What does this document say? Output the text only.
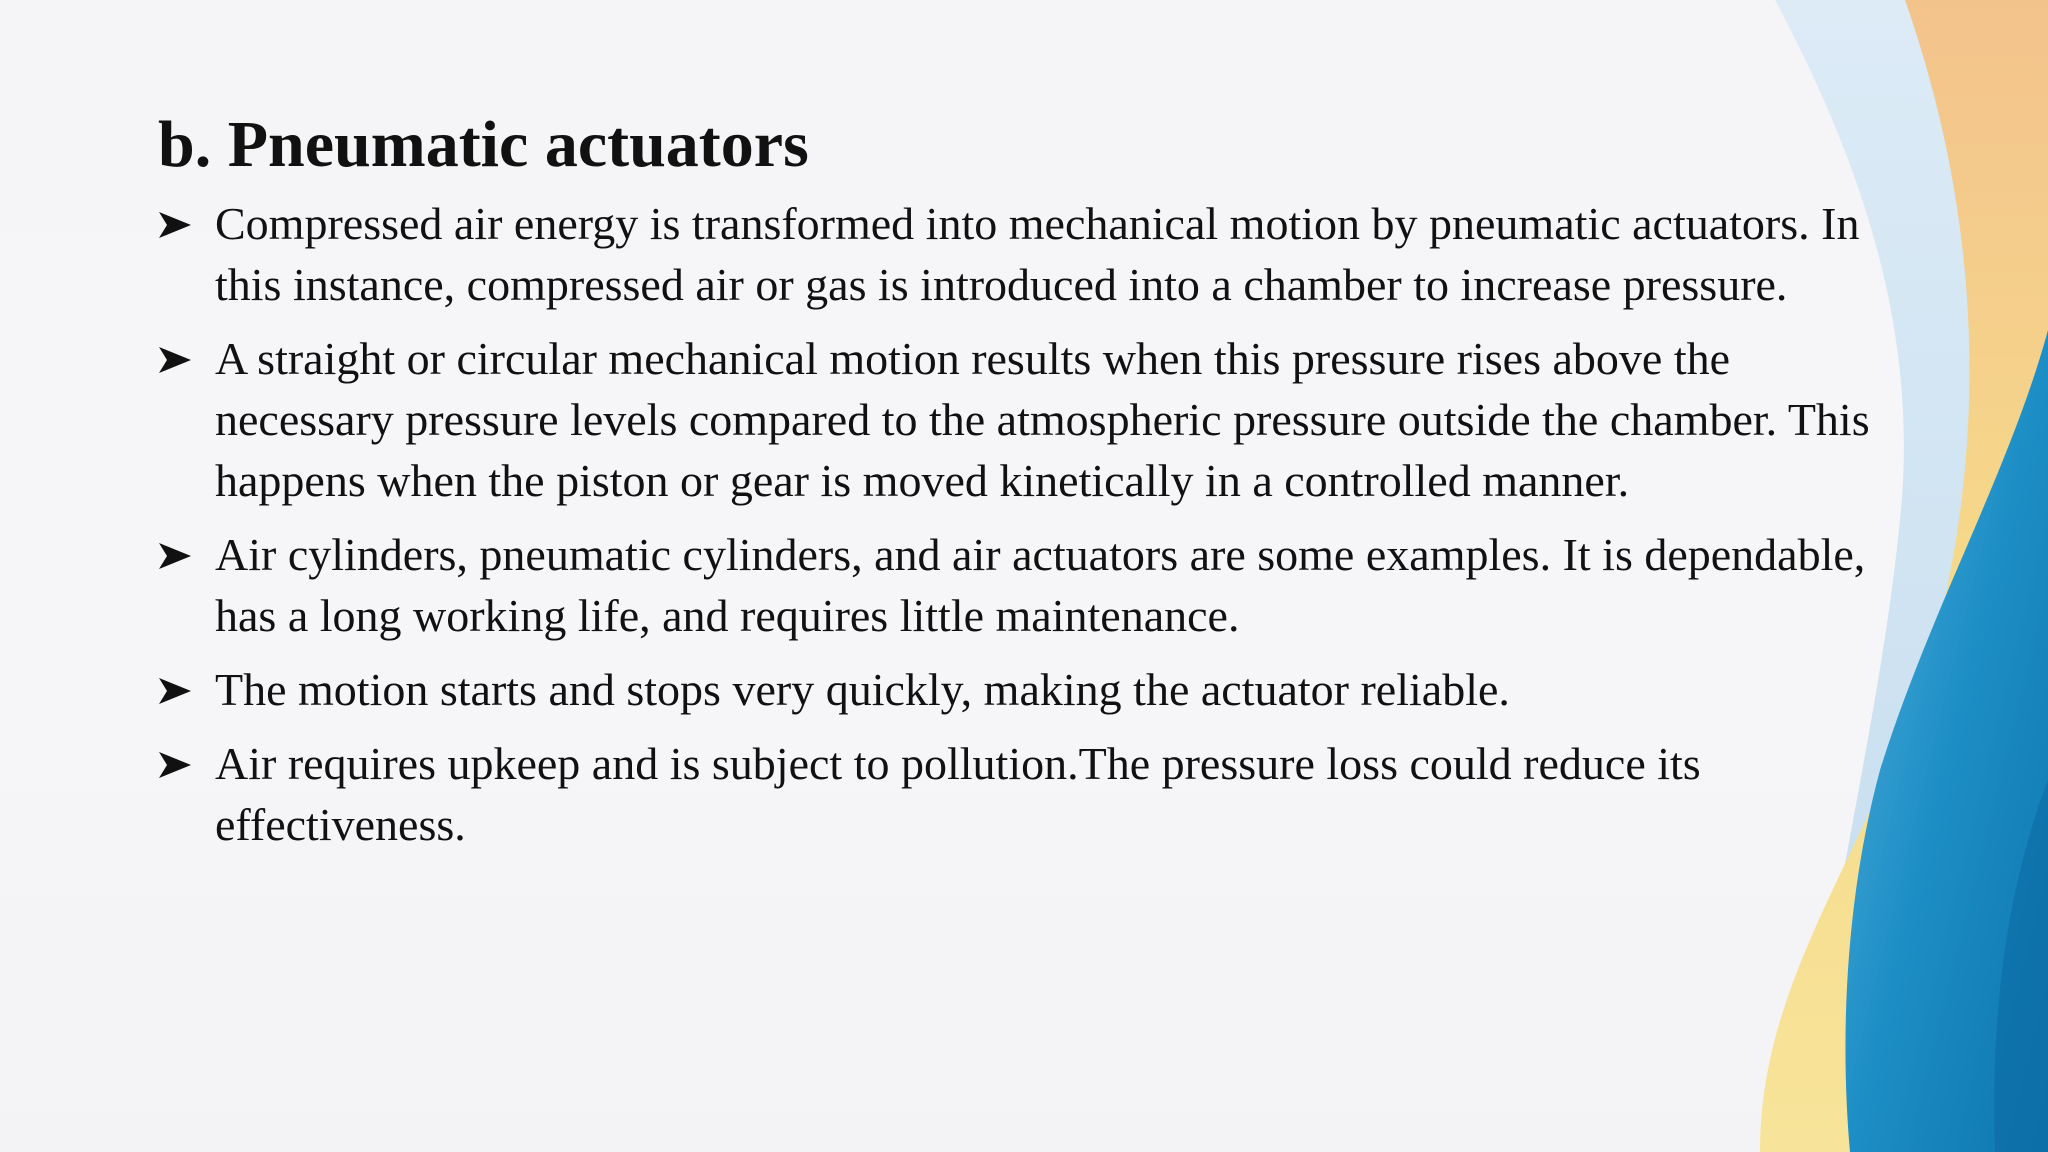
b. Pneumatic actuators
Compressed air energy is transformed into mechanical motion by pneumatic actuators. In this instance, compressed air or gas is introduced into a chamber to increase pressure.
A straight or circular mechanical motion results when this pressure rises above the necessary pressure levels compared to the atmospheric pressure outside the chamber. This happens when the piston or gear is moved kinetically in a controlled manner.
Air cylinders, pneumatic cylinders, and air actuators are some examples. It is dependable, has a long working life, and requires little maintenance.
The motion starts and stops very quickly, making the actuator reliable.
Air requires upkeep and is subject to pollution.The pressure loss could reduce its effectiveness.
